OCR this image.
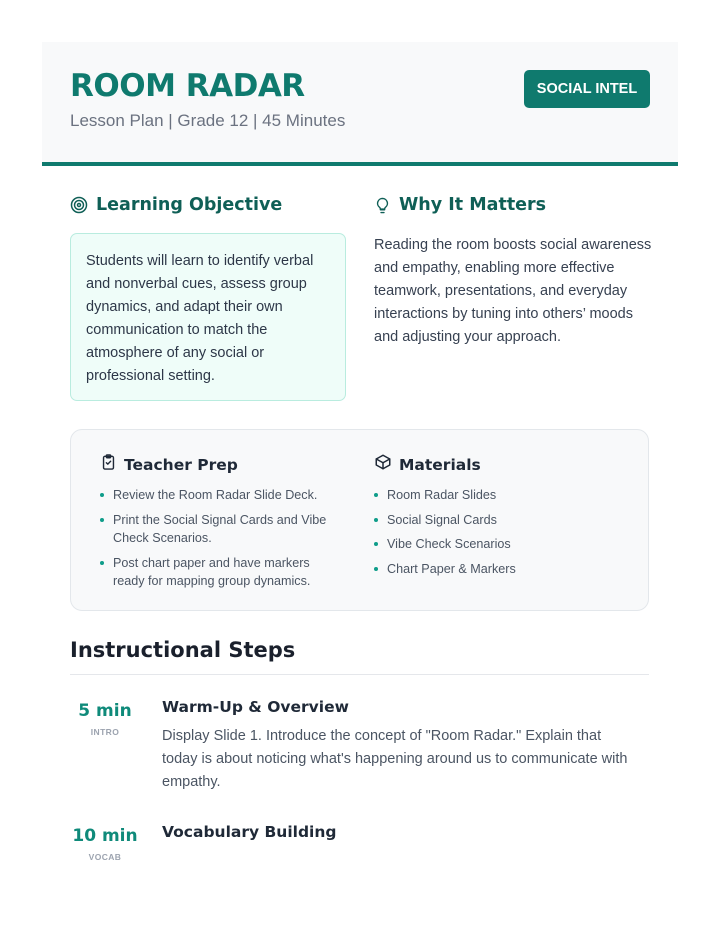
ROOM RADAR
Lesson Plan | Grade 12 | 45 Minutes
SOCIAL INTEL
Learning Objective
Students will learn to identify verbal and nonverbal cues, assess group dynamics, and adapt their own communication to match the atmosphere of any social or professional setting.
Why It Matters
Reading the room boosts social awareness and empathy, enabling more effective teamwork, presentations, and everyday interactions by tuning into others’ moods and adjusting your approach.
Teacher Prep
Review the Room Radar Slide Deck.
Print the Social Signal Cards and Vibe Check Scenarios.
Post chart paper and have markers ready for mapping group dynamics.
Materials
Room Radar Slides
Social Signal Cards
Vibe Check Scenarios
Chart Paper & Markers
Instructional Steps
5 min
INTRO
Warm-Up & Overview
Display Slide 1. Introduce the concept of "Room Radar." Explain that today is about noticing what's happening around us to communicate with empathy.
10 min
VOCAB
Vocabulary Building
